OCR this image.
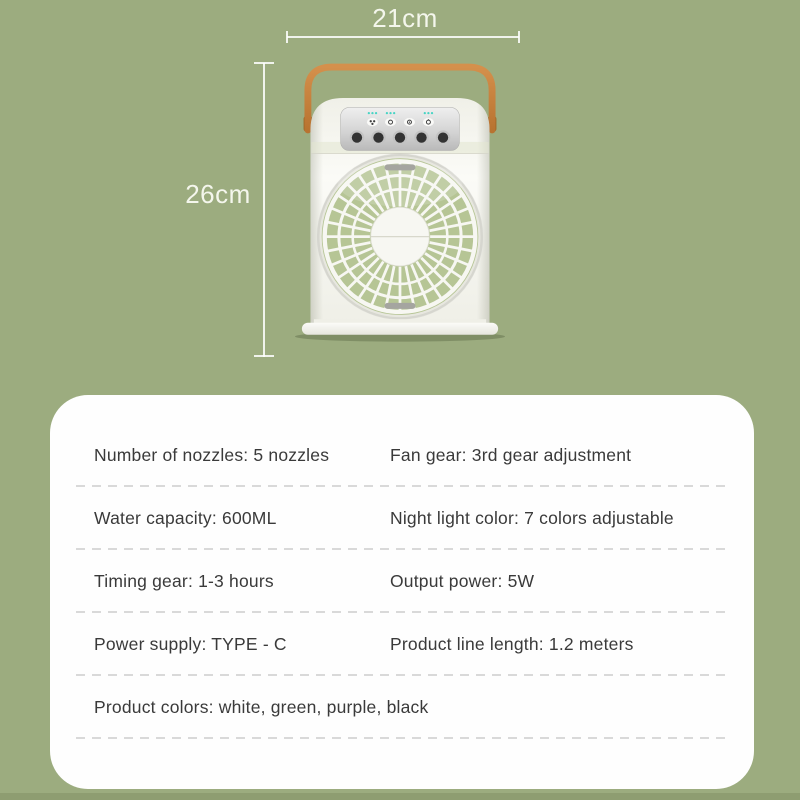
21cm
26cm
Number of nozzles: 5 nozzles	Fan gear: 3rd gear adjustment
Water capacity: 600ML	Night light color: 7 colors adjustable
Timing gear: 1-3 hours	Output power: 5W
Power supply: TYPE - C	Product line length: 1.2 meters
Product colors: white, green, purple, black
